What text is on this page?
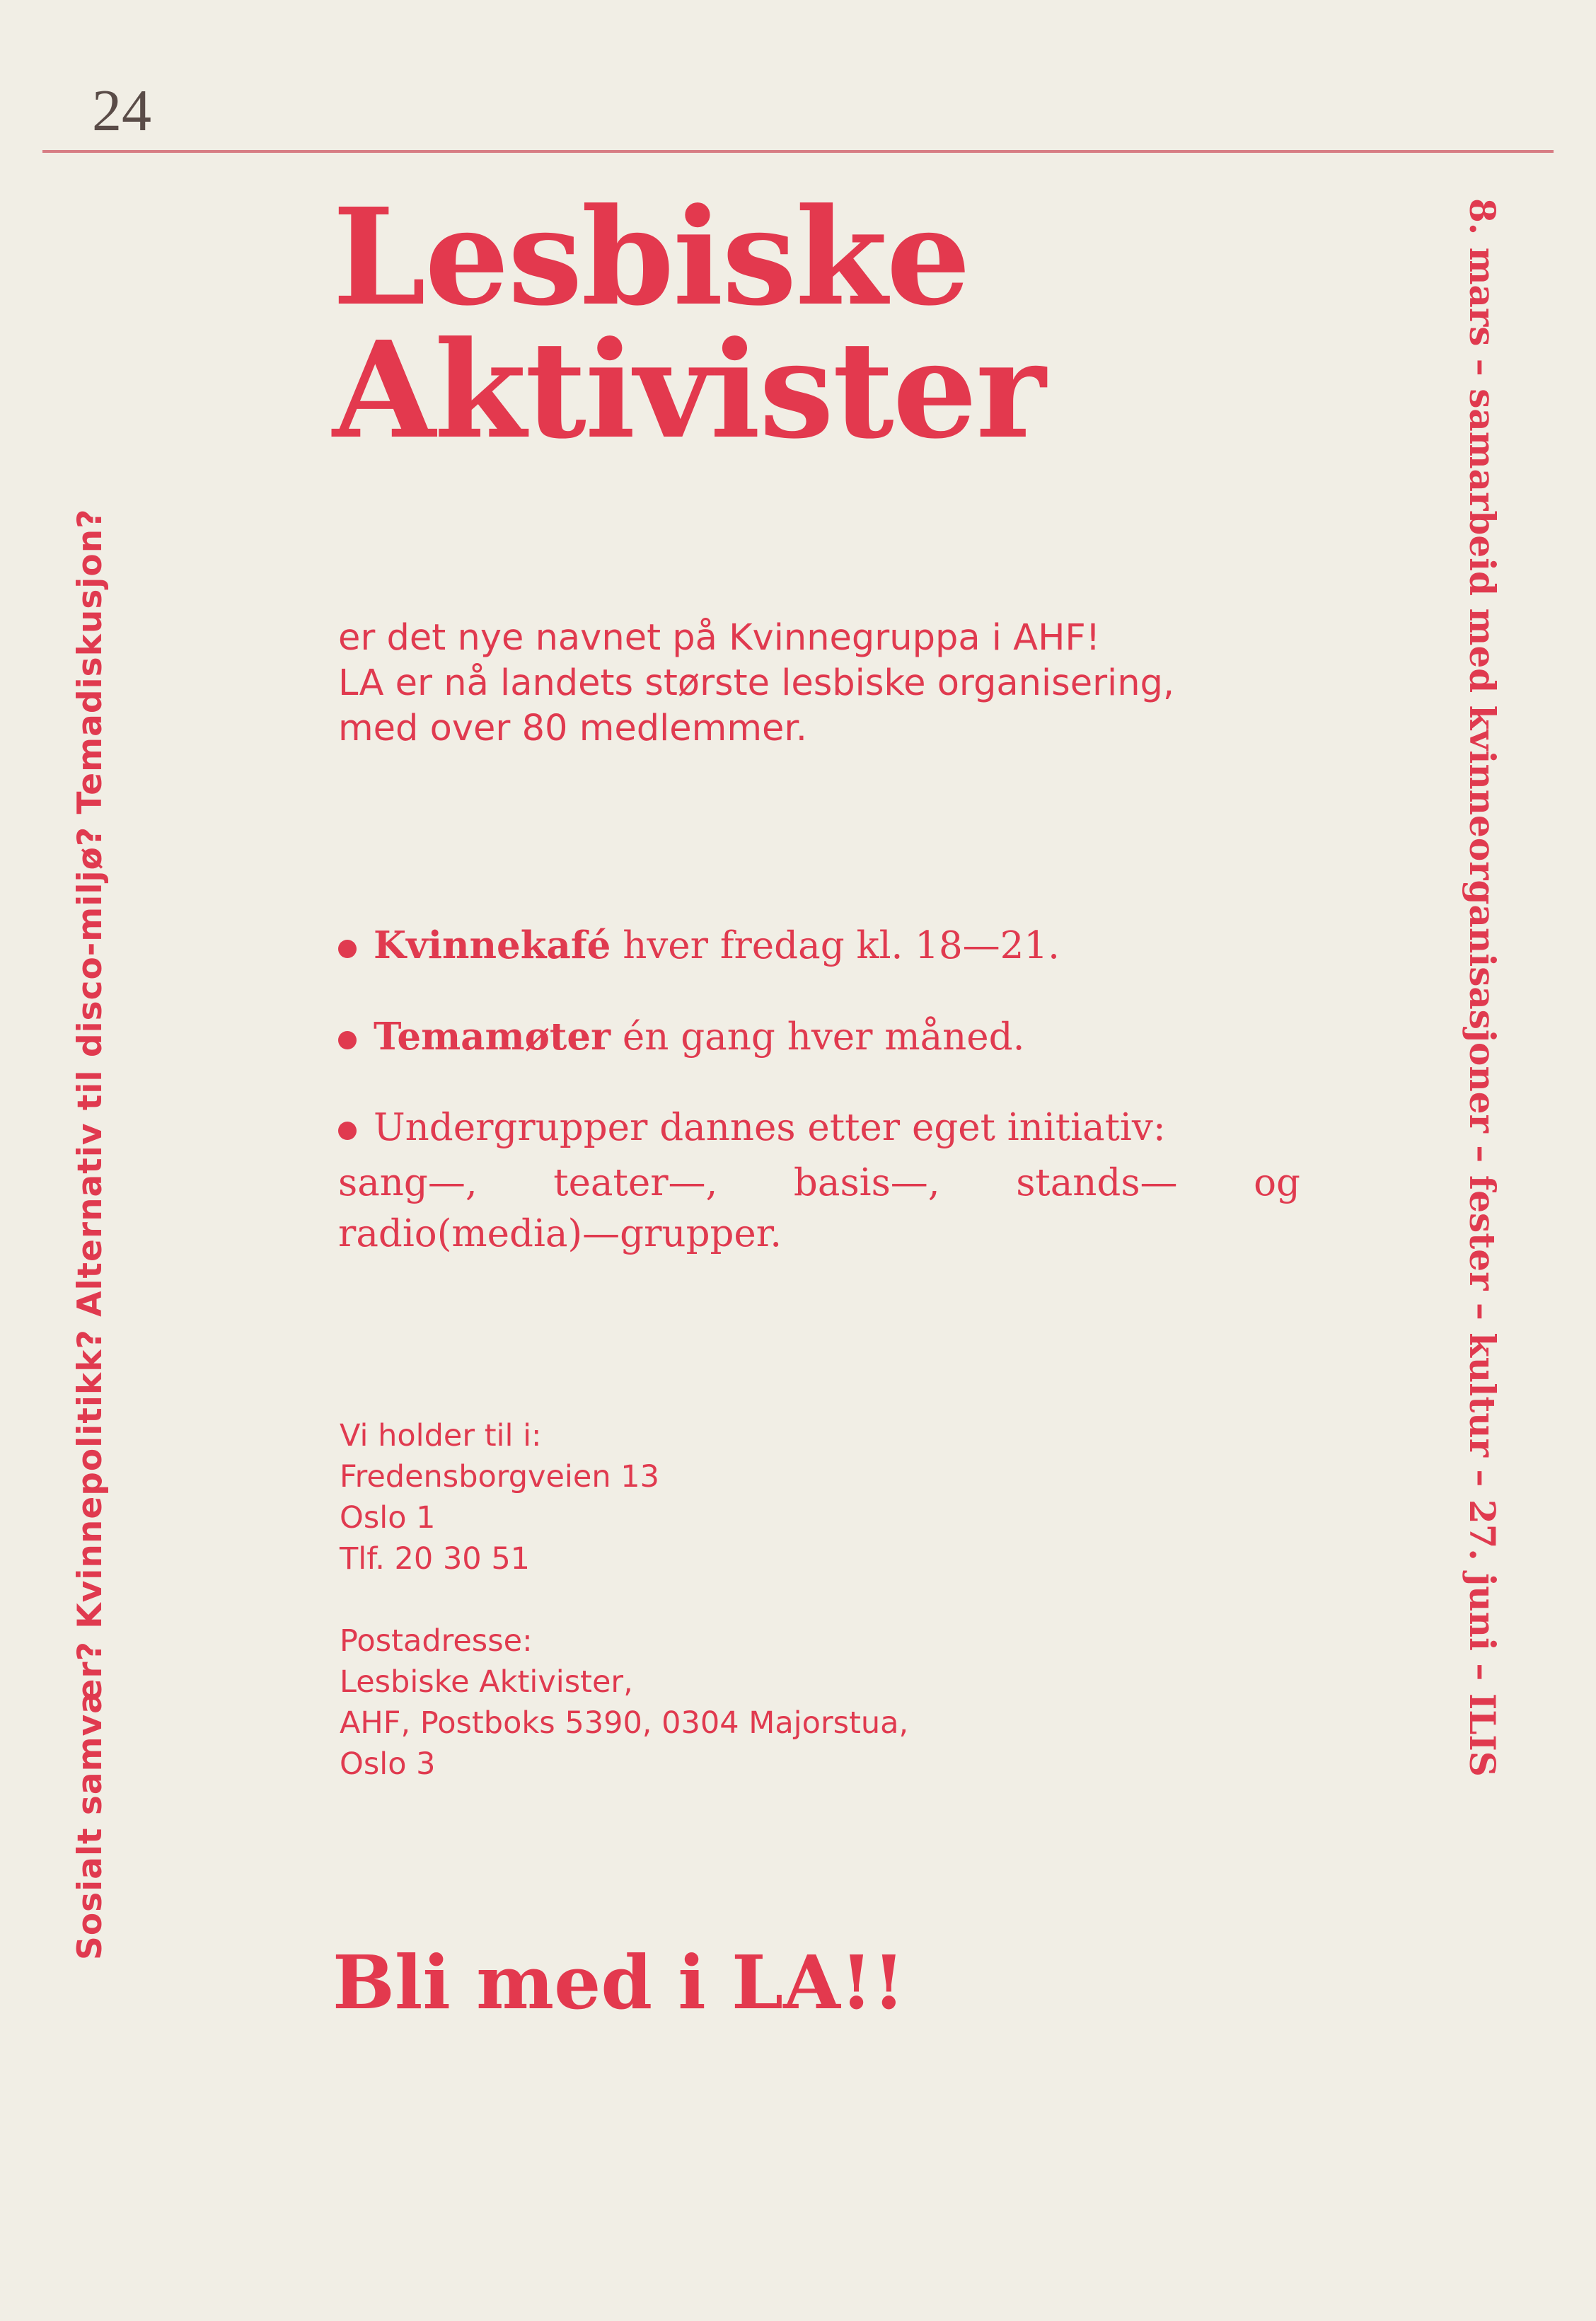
24
Sosialt samvær? Kvinnepolitikk? Alternativ til disco-miljø? Temadiskusjon?	8. mars – samarbeid med kvinneorganisasjoner – fester – kultur – 27. juni – ILIS
Lesbiske
Aktivister
er det nye navnet på Kvinnegruppa i AHF!
LA er nå landets største lesbiske organisering,
med over 80 medlemmer.
Kvinnekafé hver fredag kl. 18—21.
Temamøter én gang hver måned.
Undergrupper dannes etter eget initiativ:
sang—, teater—, basis—, stands— og
radio(media)—grupper.
Vi holder til i:
Fredensborgveien 13
Oslo 1
Tlf. 20 30 51
Postadresse:
Lesbiske Aktivister,
AHF, Postboks 5390, 0304 Majorstua,
Oslo 3
Bli med i LA!!
